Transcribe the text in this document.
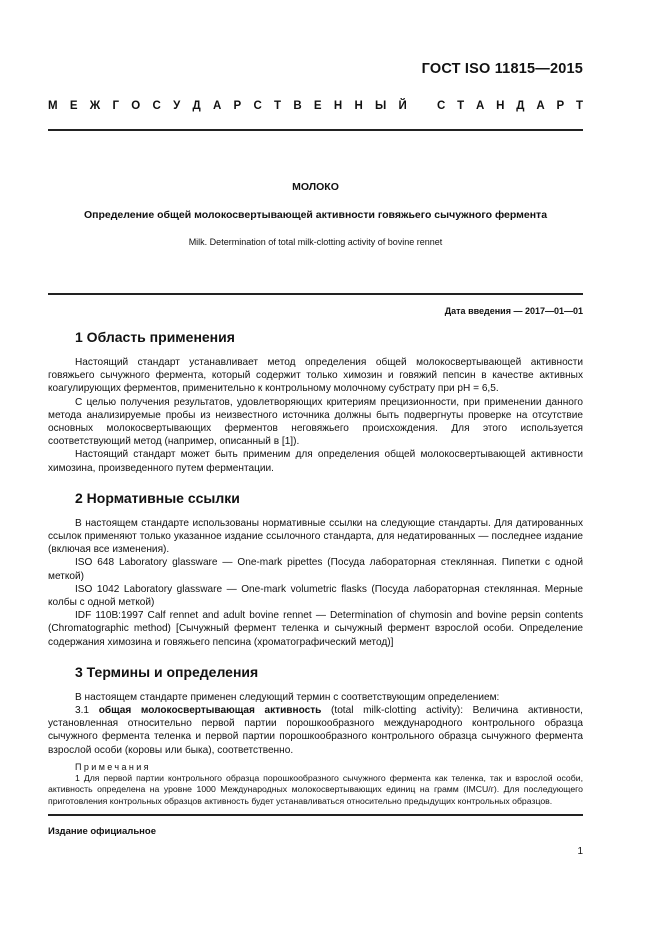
ГОСТ ISO 11815—2015
М Е Ж Г О С У Д А Р С Т В Е Н Н Ы Й	С Т А Н Д А Р Т
МОЛОКО
Определение общей молокосвертывающей активности говяжьего сычужного фермента
Milk. Determination of total milk-clotting activity of bovine rennet
Дата введения — 2017—01—01
1 Область применения

Настоящий стандарт устанавливает метод определения общей молокосвертывающей активности говяжьего сычужного фермента, который содержит только химозин и говяжий пепсин в качестве активных коагулирующих ферментов, применительно к контрольному молочному субстрату при pH = 6,5.

С целью получения результатов, удовлетворяющих критериям прецизионности, при применении данного метода анализируемые пробы из неизвестного источника должны быть подвергнуты проверке на отсутствие основных молокосвертывающих ферментов неговяжьего происхождения. Для этого используется соответствующий метод (например, описанный в [1]).

Настоящий стандарт может быть применим для определения общей молокосвертывающей активности химозина, произведенного путем ферментации.

2 Нормативные ссылки

В настоящем стандарте использованы нормативные ссылки на следующие стандарты. Для датированных ссылок применяют только указанное издание ссылочного стандарта, для недатированных — последнее издание (включая все изменения).

ISO 648 Laboratory glassware — One-mark pipettes (Посуда лабораторная стеклянная. Пипетки с одной меткой)

ISO 1042 Laboratory glassware — One-mark volumetric flasks (Посуда лабораторная стеклянная. Мерные колбы с одной меткой)

IDF 110B:1997 Calf rennet and adult bovine rennet — Determination of chymosin and bovine pepsin contents (Chromatographic method) [Сычужный фермент теленка и сычужный фермент взрослой особи. Определение содержания химозина и говяжьего пепсина (хроматографический метод)]

3 Термины и определения

В настоящем стандарте применен следующий термин с соответствующим определением:

3.1 общая молокосвертывающая активность (total milk-clotting activity): Величина активности, установленная относительно первой партии порошкообразного международного контрольного образца сычужного фермента теленка и первой партии порошкообразного контрольного образца сычужного фермента взрослой особи (коровы или быка), соответственно.

Примечания

1 Для первой партии контрольного образца порошкообразного сычужного фермента как теленка, так и взрослой особи, активность определена на уровне 1000 Международных молокосвертывающих единиц на грамм (IMCU/г). Для последующего приготовления контрольных образцов активность будет устанавливаться относительно предыдущих контрольных образцов.

Издание официальное
1
